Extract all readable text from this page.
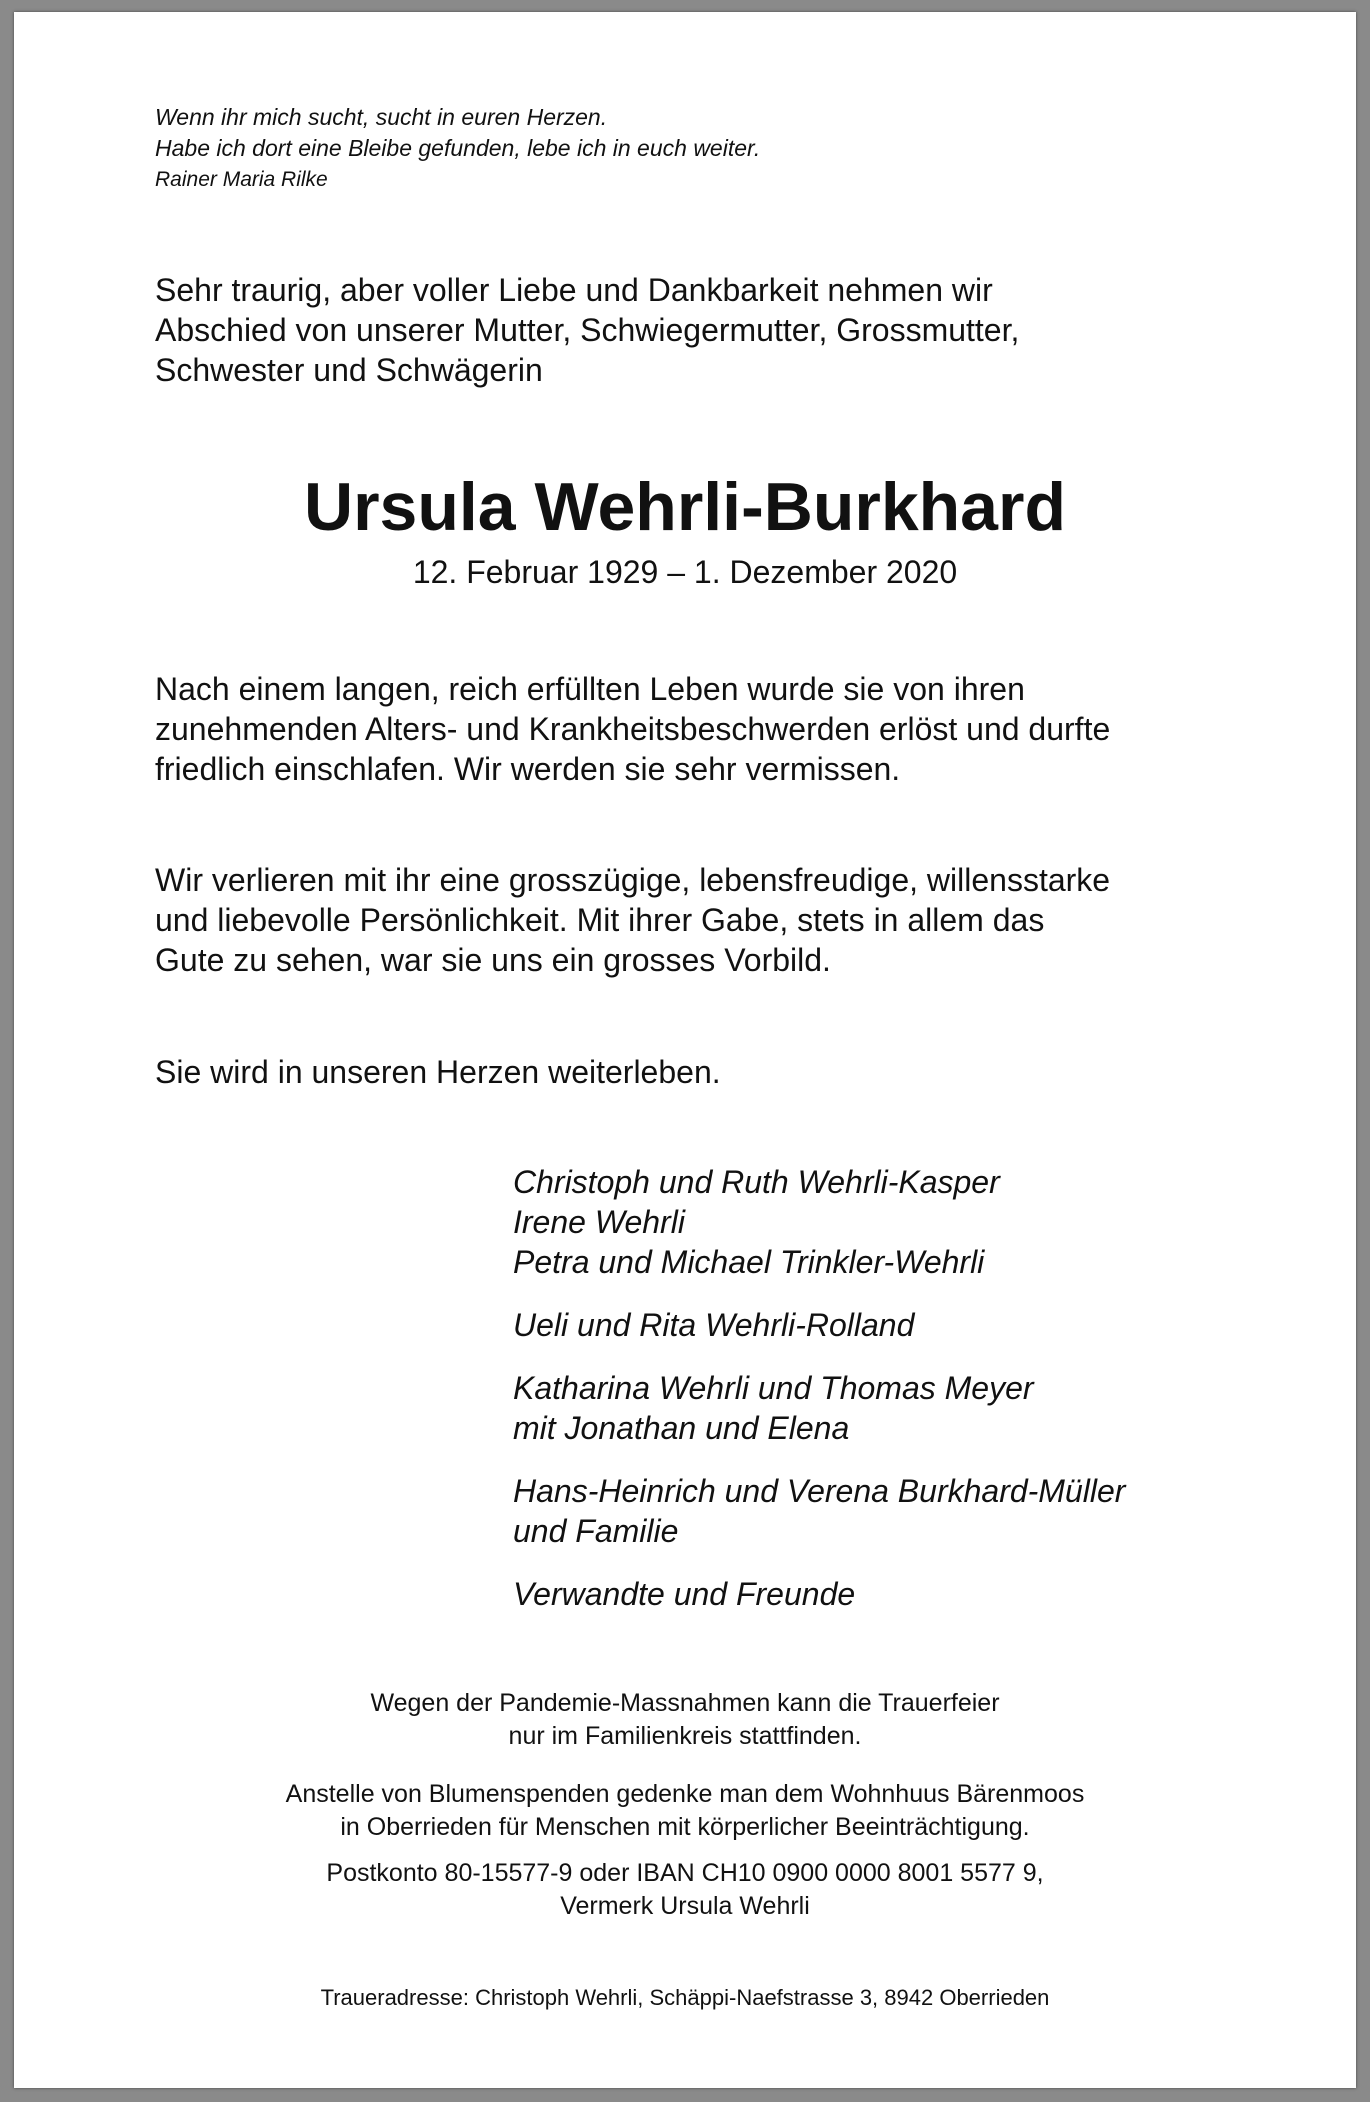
Wenn ihr mich sucht, sucht in euren Herzen.
Habe ich dort eine Bleibe gefunden, lebe ich in euch weiter.
Rainer Maria Rilke
Sehr traurig, aber voller Liebe und Dankbarkeit nehmen wir
Abschied von unserer Mutter, Schwiegermutter, Grossmutter,
Schwester und Schwägerin
Ursula Wehrli-Burkhard
12. Februar 1929 – 1. Dezember 2020
Nach einem langen, reich erfüllten Leben wurde sie von ihren
zunehmenden Alters- und Krankheitsbeschwerden erlöst und durfte
friedlich einschlafen. Wir werden sie sehr vermissen.
Wir verlieren mit ihr eine grosszügige, lebensfreudige, willensstarke
und liebevolle Persönlichkeit. Mit ihrer Gabe, stets in allem das
Gute zu sehen, war sie uns ein grosses Vorbild.
Sie wird in unseren Herzen weiterleben.
Christoph und Ruth Wehrli-Kasper
Irene Wehrli
Petra und Michael Trinkler-Wehrli
Ueli und Rita Wehrli-Rolland
Katharina Wehrli und Thomas Meyer
mit Jonathan und Elena
Hans-Heinrich und Verena Burkhard-Müller
und Familie
Verwandte und Freunde
Wegen der Pandemie-Massnahmen kann die Trauerfeier
nur im Familienkreis stattfinden.
Anstelle von Blumenspenden gedenke man dem Wohnhuus Bärenmoos
in Oberrieden für Menschen mit körperlicher Beeinträchtigung.
Postkonto 80-15577-9 oder IBAN CH10 0900 0000 8001 5577 9,
Vermerk Ursula Wehrli
Traueradresse: Christoph Wehrli, Schäppi-Naefstrasse 3, 8942 Oberrieden
